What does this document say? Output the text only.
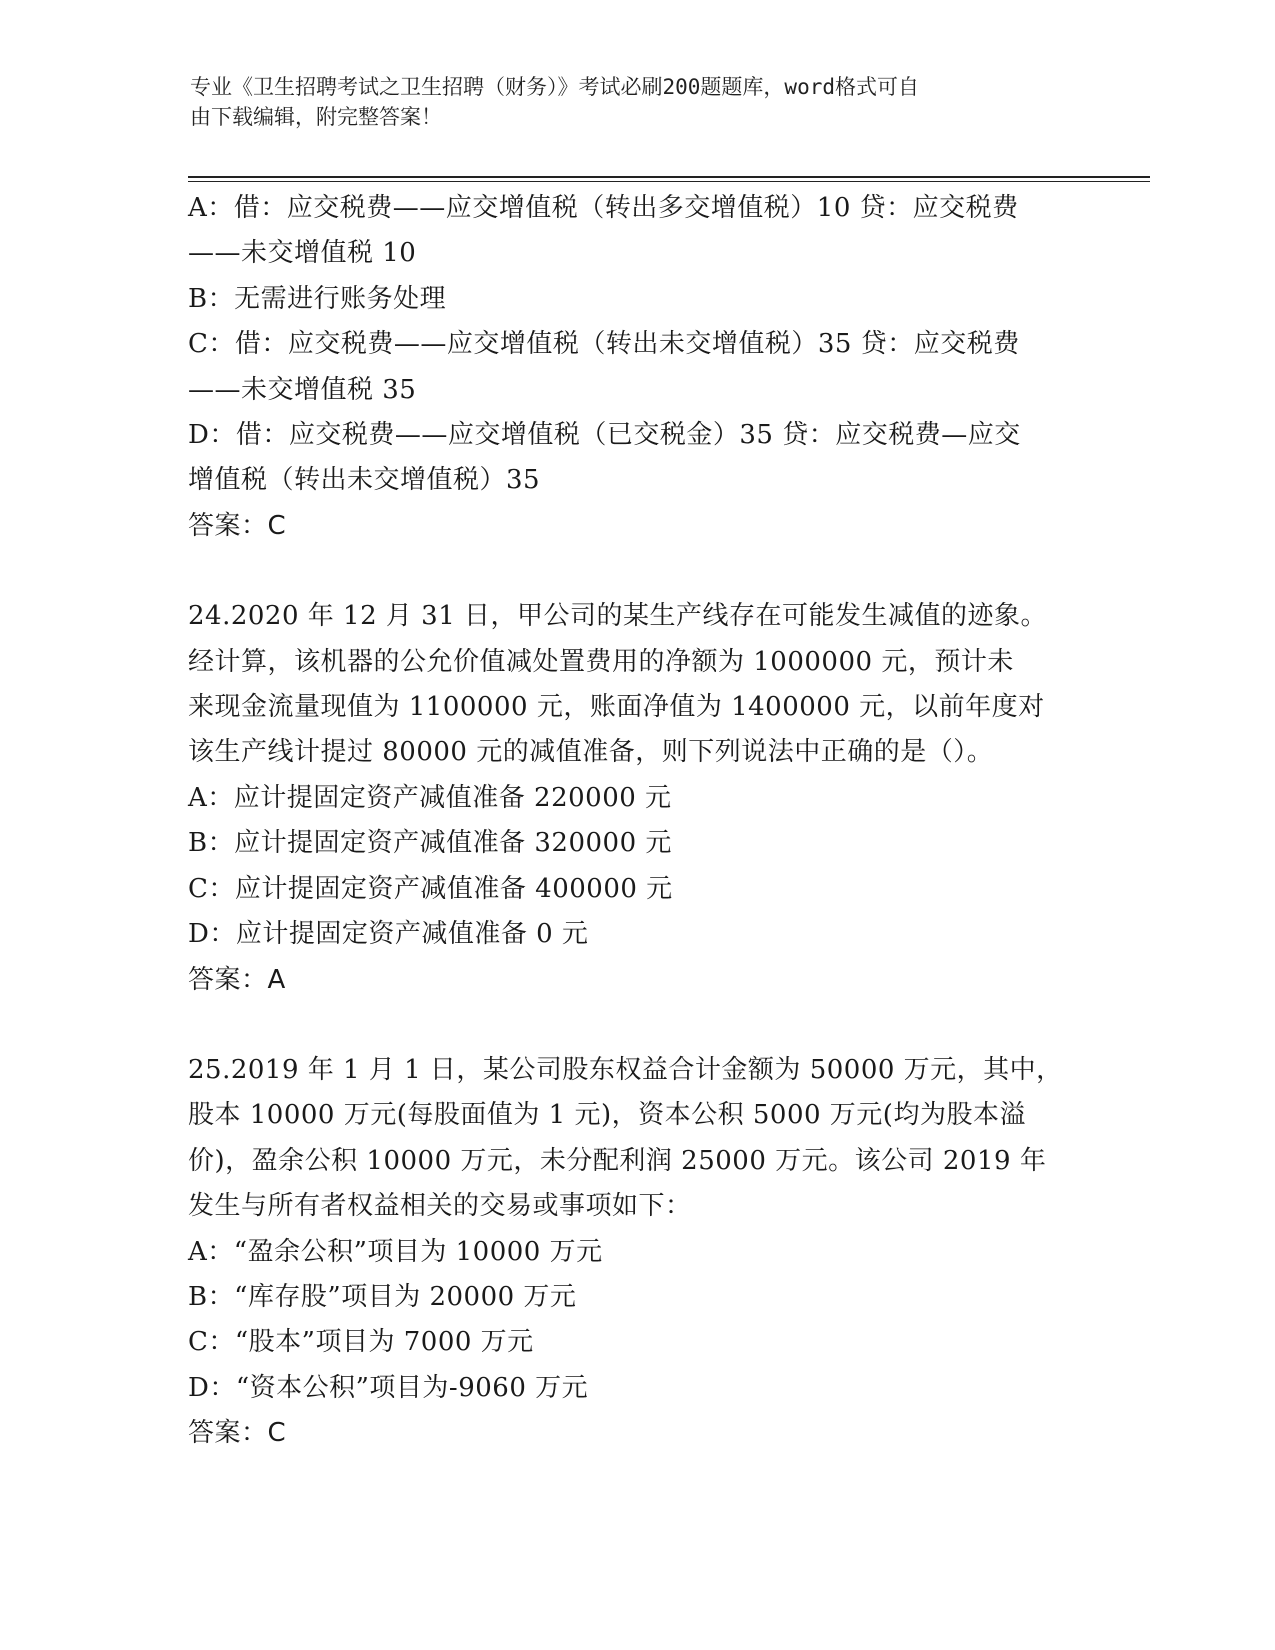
专业《卫生招聘考试之卫生招聘（财务）》考试必刷200题题库，word格式可自
由下载编辑，附完整答案！
A：借：应交税费——应交增值税（转出多交增值税）10 贷：应交税费
——未交增值税 10
B：无需进行账务处理
C：借：应交税费——应交增值税（转出未交增值税）35 贷：应交税费
——未交增值税 35
D：借：应交税费——应交增值税（已交税金）35 贷：应交税费—应交
增值税（转出未交增值税）35
答案：C
24.2020 年 12 月 31 日，甲公司的某生产线存在可能发生减值的迹象。
经计算，该机器的公允价值减处置费用的净额为 1000000 元，预计未
来现金流量现值为 1100000 元，账面净值为 1400000 元，以前年度对
该生产线计提过 80000 元的减值准备，则下列说法中正确的是（）。
A：应计提固定资产减值准备 220000 元
B：应计提固定资产减值准备 320000 元
C：应计提固定资产减值准备 400000 元
D：应计提固定资产减值准备 0 元
答案：A
25.2019 年 1 月 1 日，某公司股东权益合计金额为 50000 万元，其中，
股本 10000 万元(每股面值为 1 元)，资本公积 5000 万元(均为股本溢
价)，盈余公积 10000 万元，未分配利润 25000 万元。该公司 2019 年
发生与所有者权益相关的交易或事项如下：
A：“盈余公积”项目为 10000 万元
B：“库存股”项目为 20000 万元
C：“股本”项目为 7000 万元
D：“资本公积”项目为-9060 万元
答案：C
